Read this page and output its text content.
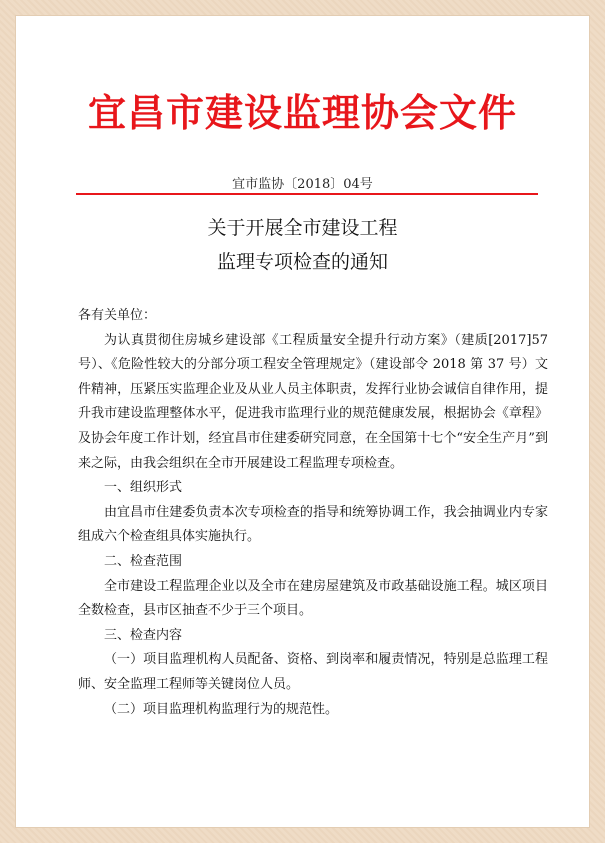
宜昌市建设监理协会文件
宜市监协〔2018〕04号
关于开展全市建设工程
监理专项检查的通知

各有关单位：

为认真贯彻住房城乡建设部《工程质量安全提升行动方案》（建质[2017]57号）、《危险性较大的分部分项工程安全管理规定》（建设部令 2018 第 37 号）文件精神，压紧压实监理企业及从业人员主体职责，发挥行业协会诚信自律作用，提升我市建设监理整体水平，促进我市监理行业的规范健康发展，根据协会《章程》及协会年度工作计划，经宜昌市住建委研究同意，在全国第十七个“安全生产月”到来之际，由我会组织在全市开展建设工程监理专项检查。

一、组织形式

由宜昌市住建委负责本次专项检查的指导和统筹协调工作，我会抽调业内专家组成六个检查组具体实施执行。

二、检查范围

全市建设工程监理企业以及全市在建房屋建筑及市政基础设施工程。城区项目全数检查，县市区抽查不少于三个项目。

三、检查内容

（一）项目监理机构人员配备、资格、到岗率和履责情况，特别是总监理工程师、安全监理工程师等关键岗位人员。

（二）项目监理机构监理行为的规范性。
